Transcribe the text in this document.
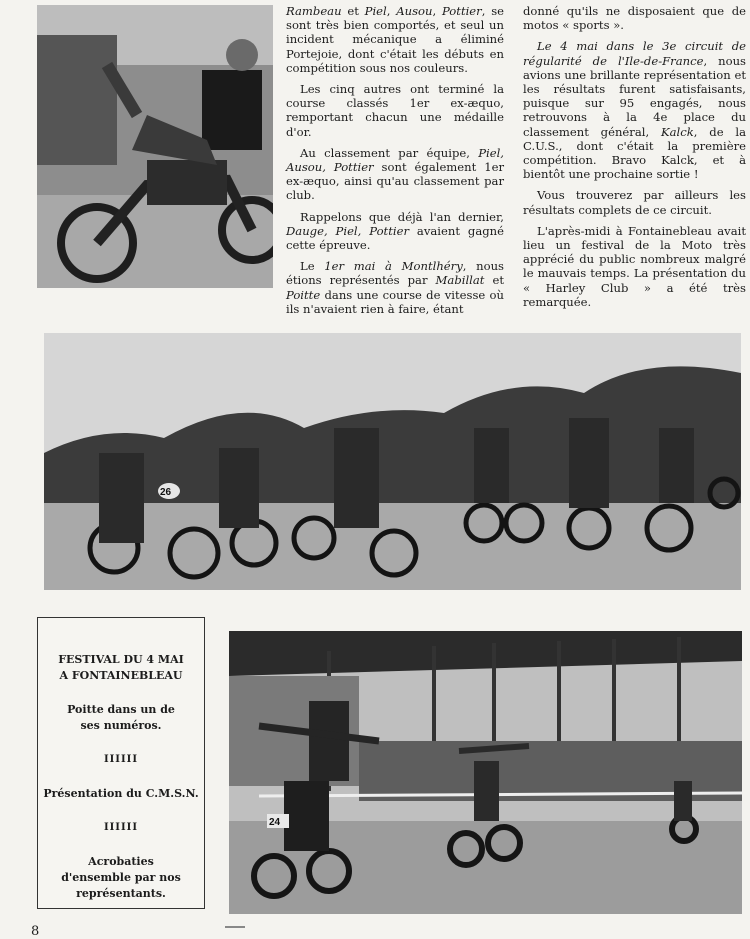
Rambeau et Piel, Ausou, Pottier, se sont très bien comportés, et seul un incident mécanique a éliminé Portejoie, dont c'était les débuts en compétition sous nos couleurs.

Les cinq autres ont terminé la course classés 1er ex-æquo, remportant chacun une médaille d'or.

Au classement par équipe, Piel, Ausou, Pottier sont également 1er ex-æquo, ainsi qu'au classement par club.

Rappelons que déjà l'an dernier, Dauge, Piel, Pottier avaient gagné cette épreuve.

Le 1er mai à Montlhéry, nous étions représentés par Mabillat et Poitte dans une course de vitesse où ils n'avaient rien à faire, étant

donné qu'ils ne disposaient que de motos « sports ».

Le 4 mai dans le 3e circuit de régularité de l'Ile-de-France, nous avions une brillante représentation et les résultats furent satisfaisants, puisque sur 95 engagés, nous retrouvons à la 4e place du classement général, Kalck, de la C.U.S., dont c'était la première compétition. Bravo Kalck, et à bientôt une prochaine sortie !

Vous trouverez par ailleurs les résultats complets de ce circuit.

L'après-midi à Fontainebleau avait lieu un festival de la Moto très apprécié du public nombreux malgré le mauvais temps. La présentation du « Harley Club » a été très remarquée.

26
FESTIVAL DU 4 MAI
A FONTAINEBLEAU
Poitte dans un de ses numéros.
IIIIII
Présentation du C.M.S.N.
IIIIII
Acrobaties d'ensemble par nos représentants.
24
8
